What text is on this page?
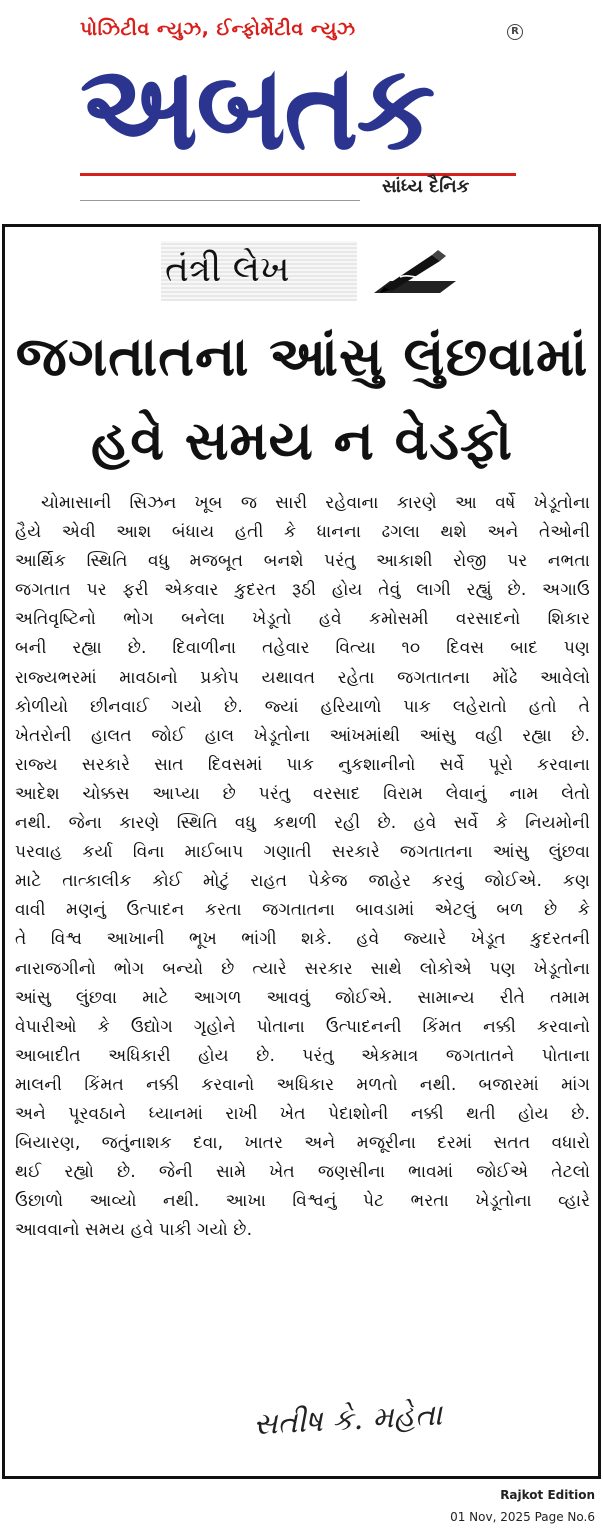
પોઝિટીવ ન્યુઝ, ઈન્ફોર્મેટીવ ન્યુઝ	R
અબતક
સાંધ્ય દૈનિક
તંત્રી લેખ
જગતાતના આંસુ લુંછવામાં
હવે સમય ન વેડફો
ચોમાસાની સિઝન ખૂબ જ સારી રહેવાના કારણે આ વર્ષે ખેડૂતોના
હૈયે એવી આશ બંધાય હતી કે ધાનના ઢગલા થશે અને તેઓની
આર્થિક સ્થિતિ વધુ મજબૂત બનશે પરંતુ આકાશી રોજી પર નભતા
જગતાત પર ફરી એકવાર કુદરત રૂઠી હોય તેવું લાગી રહ્યું છે. અગાઉ
અતિવૃષ્ટિનો ભોગ બનેલા ખેડૂતો હવે કમોસમી વરસાદનો શિકાર
બની રહ્યા છે. દિવાળીના તહેવાર વિત્યા ૧૦ દિવસ બાદ પણ
રાજ્યભરમાં માવઠાનો પ્રકોપ યથાવત રહેતા જગતાતના મોંઢે આવેલો
કોળીયો છીનવાઈ ગયો છે. જ્યાં હરિયાળો પાક લહેરાતો હતો તે
ખેતરોની હાલત જોઈ હાલ ખેડૂતોના આંખમાંથી આંસુ વહી રહ્યા છે.
રાજ્ય સરકારે સાત દિવસમાં પાક નુકશાનીનો સર્વે પૂરો કરવાના
આદેશ ચોક્કસ આપ્યા છે પરંતુ વરસાદ વિરામ લેવાનું નામ લેતો
નથી. જેના કારણે સ્થિતિ વધુ કથળી રહી છે. હવે સર્વે કે નિયમોની
પરવાહ કર્યા વિના માઈબાપ ગણાતી સરકારે જગતાતના આંસુ લુંછવા
માટે તાત્કાલીક કોઈ મોટું રાહત પેકેજ જાહેર કરવું જોઈએ. કણ
વાવી મણનું ઉત્પાદન કરતા જગતાતના બાવડામાં એટલું બળ છે કે
તે વિશ્વ આખાની ભૂખ ભાંગી શકે. હવે જ્યારે ખેડૂત કુદરતની
નારાજગીનો ભોગ બન્યો છે ત્યારે સરકાર સાથે લોકોએ પણ ખેડૂતોના
આંસુ લુંછવા માટે આગળ આવવું જોઈએ. સામાન્ય રીતે તમામ
વેપારીઓ કે ઉદ્યોગ ગૃહોને પોતાના ઉત્પાદનની કિંમત નક્કી કરવાનો
આબાદીત અધિકારી હોય છે. પરંતુ એકમાત્ર જગતાતને પોતાના
માલની કિંમત નક્કી કરવાનો અધિકાર મળતો નથી. બજારમાં માંગ
અને પૂરવઠાને ધ્યાનમાં રાખી ખેત પેદાશોની નક્કી થતી હોય છે.
બિયારણ, જતુંનાશક દવા, ખાતર અને મજૂરીના દરમાં સતત વધારો
થઈ રહ્યો છે. જેની સામે ખેત જણસીના ભાવમાં જોઈએ તેટલો
ઉછાળો આવ્યો નથી. આખા વિશ્વનું પેટ ભરતા ખેડૂતોના વ્હારે
આવવાનો સમય હવે પાકી ગયો છે.
સતીષ કે. મહેતા
Rajkot Edition
01 Nov, 2025 Page No.6
